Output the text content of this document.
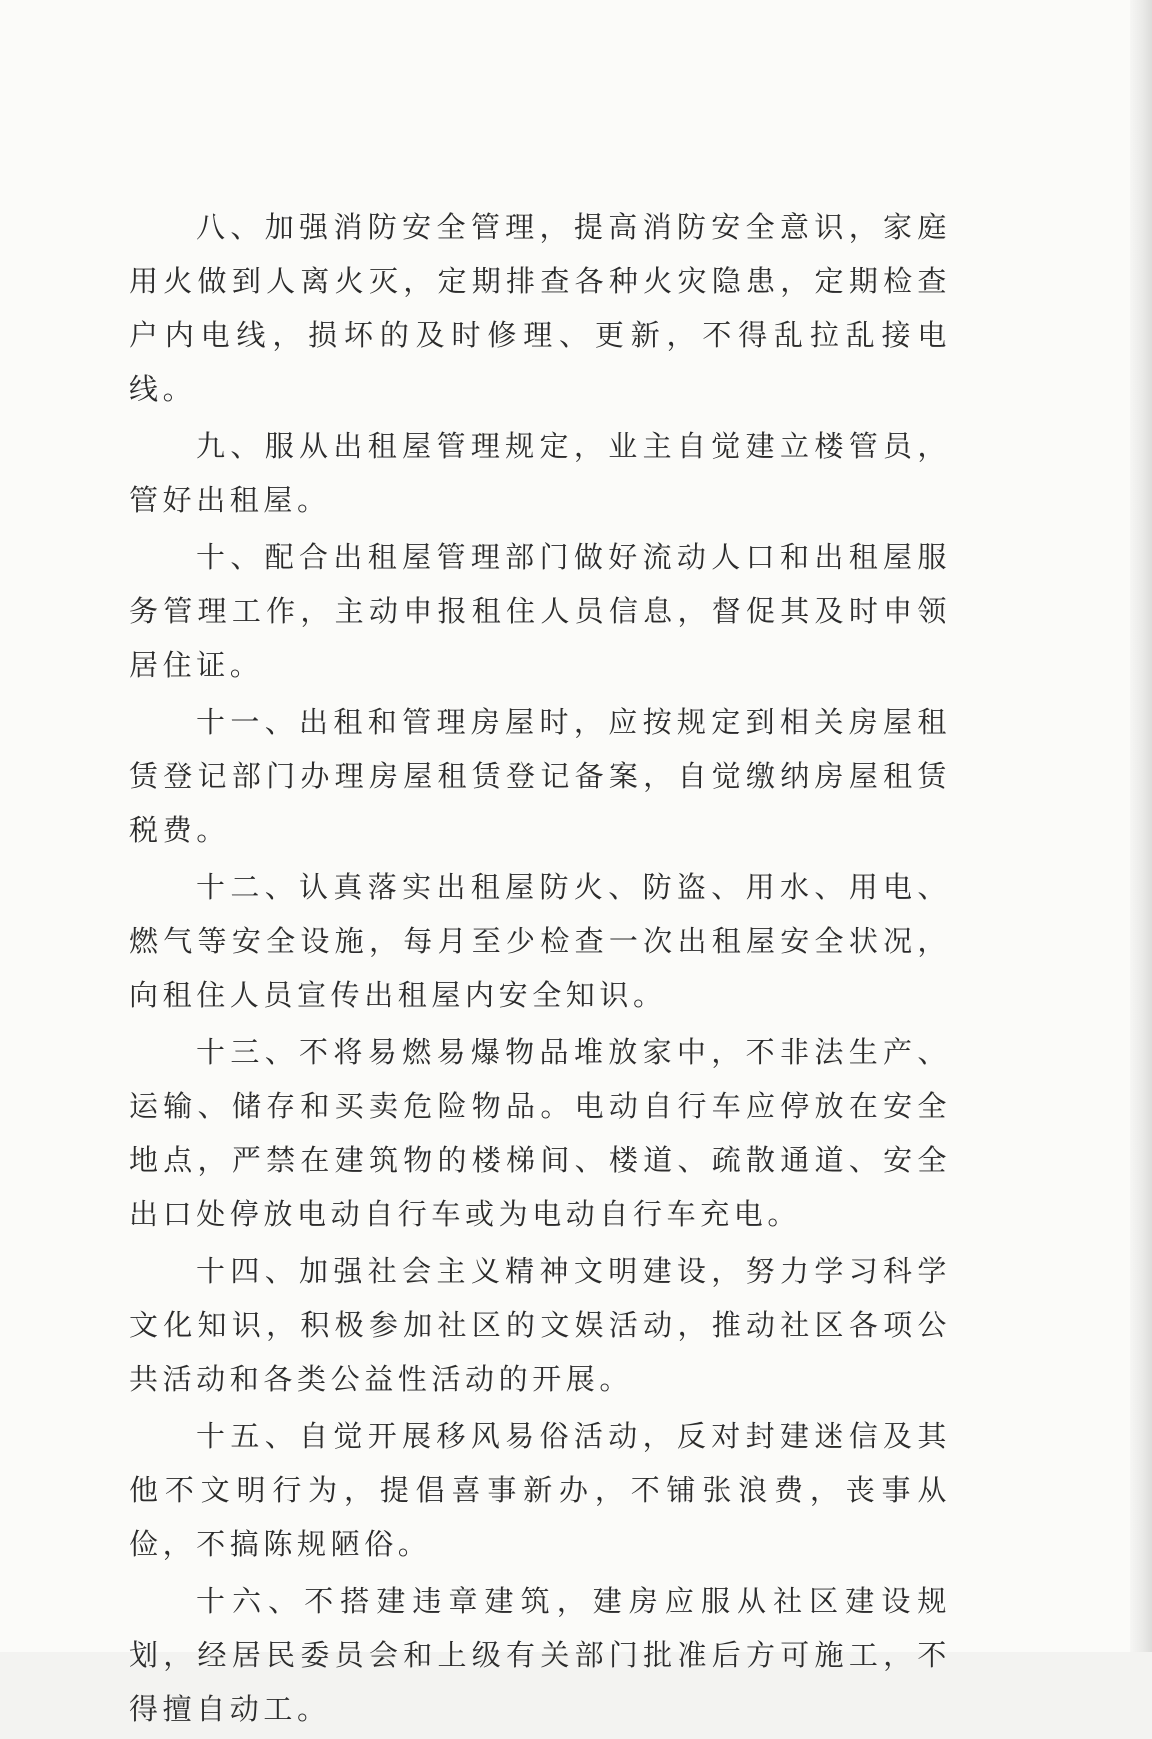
八、加强消防安全管理，提高消防安全意识，家庭用火做到人离火灭，定期排查各种火灾隐患，定期检查户内电线，损坏的及时修理、更新，不得乱拉乱接电线。

九、服从出租屋管理规定，业主自觉建立楼管员，管好出租屋。

十、配合出租屋管理部门做好流动人口和出租屋服务管理工作，主动申报租住人员信息，督促其及时申领居住证。

十一、出租和管理房屋时，应按规定到相关房屋租赁登记部门办理房屋租赁登记备案，自觉缴纳房屋租赁税费。

十二、认真落实出租屋防火、防盗、用水、用电、燃气等安全设施，每月至少检查一次出租屋安全状况，向租住人员宣传出租屋内安全知识。

十三、不将易燃易爆物品堆放家中，不非法生产、运输、储存和买卖危险物品。电动自行车应停放在安全地点，严禁在建筑物的楼梯间、楼道、疏散通道、安全出口处停放电动自行车或为电动自行车充电。

十四、加强社会主义精神文明建设，努力学习科学文化知识，积极参加社区的文娱活动，推动社区各项公共活动和各类公益性活动的开展。

十五、自觉开展移风易俗活动，反对封建迷信及其他不文明行为，提倡喜事新办，不铺张浪费，丧事从俭，不搞陈规陋俗。

十六、不搭建违章建筑，建房应服从社区建设规划，经居民委员会和上级有关部门批准后方可施工，不得擅自动工。
